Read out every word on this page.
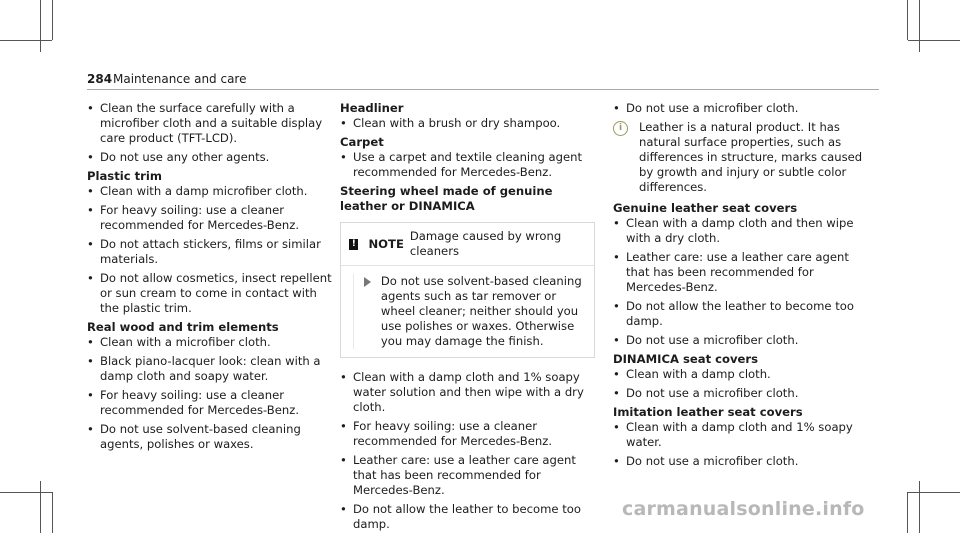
284 Maintenance and care
• Clean the surface carefully with a microfiber cloth and a suitable display care product (TFT-LCD).
• Do not use any other agents.
Plastic trim
• Clean with a damp microfiber cloth.
• For heavy soiling: use a cleaner recommended for Mercedes-Benz.
• Do not attach stickers, films or similar materials.
• Do not allow cosmetics, insect repellent or sun cream to come in contact with the plastic trim.
Real wood and trim elements
• Clean with a microfiber cloth.
• Black piano-lacquer look: clean with a damp cloth and soapy water.
• For heavy soiling: use a cleaner recommended for Mercedes-Benz.
• Do not use solvent-based cleaning agents, polishes or waxes.
Headliner
• Clean with a brush or dry shampoo.
Carpet
• Use a carpet and textile cleaning agent recommended for Mercedes-Benz.
Steering wheel made of genuine leather or DINAMICA
! NOTE
Damage caused by wrong cleaners
Do not use solvent-based cleaning agents such as tar remover or wheel cleaner; neither should you use polishes or waxes. Otherwise you may damage the finish.
• Clean with a damp cloth and 1% soapy water solution and then wipe with a dry cloth.
• For heavy soiling: use a cleaner recommended for Mercedes-Benz.
• Leather care: use a leather care agent that has been recommended for Mercedes-Benz.
• Do not allow the leather to become too damp.
• Do not use a microfiber cloth.
i	Leather is a natural product. It has natural surface properties, such as differences in structure, marks caused by growth and injury or subtle color differences.
Genuine leather seat covers
• Clean with a damp cloth and then wipe with a dry cloth.
• Leather care: use a leather care agent that has been recommended for Mercedes-Benz.
• Do not allow the leather to become too damp.
• Do not use a microfiber cloth.
DINAMICA seat covers
• Clean with a damp cloth.
• Do not use a microfiber cloth.
Imitation leather seat covers
• Clean with a damp cloth and 1% soapy water.
• Do not use a microfiber cloth.
carmanualsonline.info
